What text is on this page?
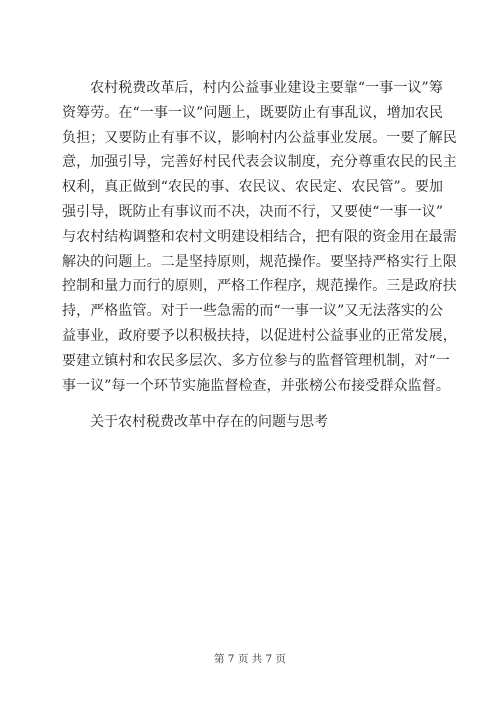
农村税费改革后，村内公益事业建设主要靠“一事一议”筹
资筹劳。在“一事一议”问题上，既要防止有事乱议，增加农民
负担；又要防止有事不议，影响村内公益事业发展。一要了解民
意，加强引导，完善好村民代表会议制度，充分尊重农民的民主
权利，真正做到“农民的事、农民议、农民定、农民管”。要加
强引导，既防止有事议而不决，决而不行，又要使“一事一议”
与农村结构调整和农村文明建设相结合，把有限的资金用在最需
解决的问题上。二是坚持原则，规范操作。要坚持严格实行上限
控制和量力而行的原则，严格工作程序，规范操作。三是政府扶
持，严格监管。对于一些急需的而“一事一议”又无法落实的公
益事业，政府要予以积极扶持，以促进村公益事业的正常发展，
要建立镇村和农民多层次、多方位参与的监督管理机制，对“一
事一议”每一个环节实施监督检查，并张榜公布接受群众监督。
关于农村税费改革中存在的问题与思考
第 7 页 共 7 页
